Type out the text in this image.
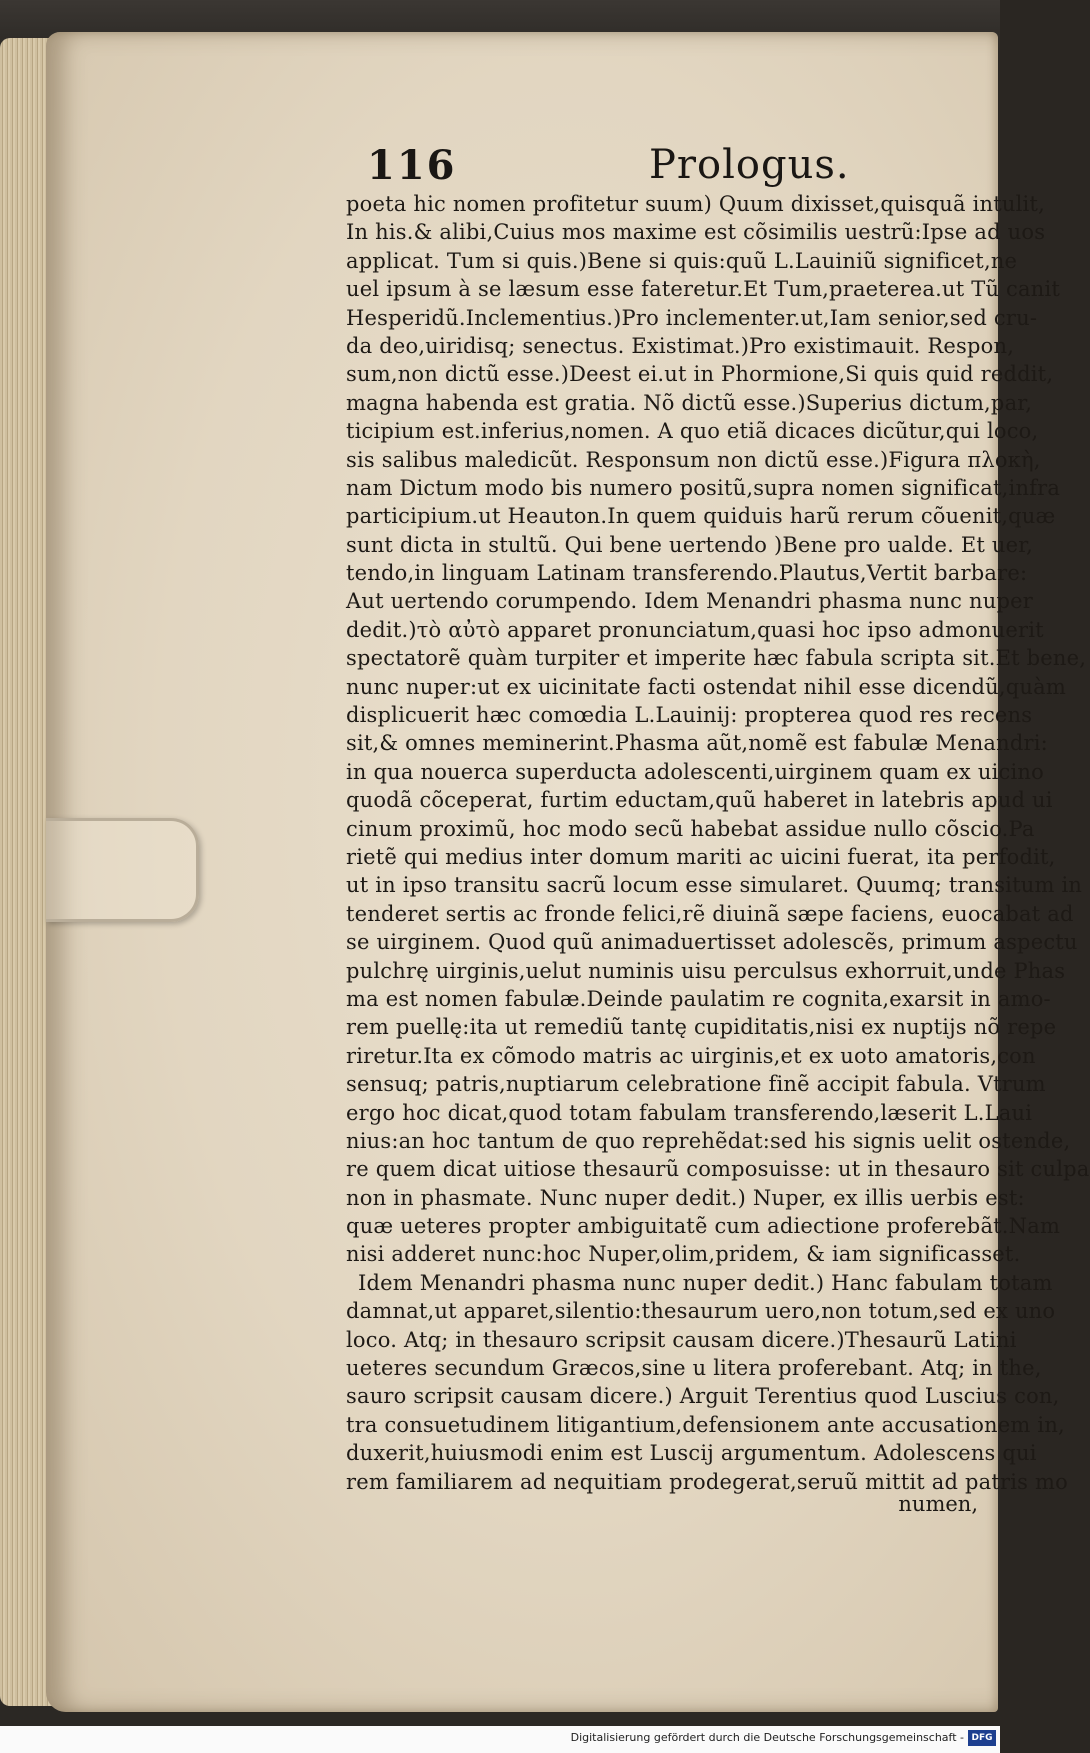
116	Prologus.
poeta hic nomen profitetur suum) Quum dixisset,quisquã intulit,
In his.& alibi,Cuius mos maxime est cõsimilis uestrũ:Ipse ad uos
applicat. Tum si quis.)Bene si quis:quũ L.Lauiniũ significet,ne
uel ipsum à se læsum esse fateretur.Et Tum,praeterea.ut Tũ canit
Hesperidũ.Inclementius.)Pro inclementer.ut,Iam senior,sed cru-
da deo,uiridisq; senectus. Existimat.)Pro existimauit. Respon,
sum,non dictũ esse.)Deest ei.ut in Phormione,Si quis quid reddit,
magna habenda est gratia. Nõ dictũ esse.)Superius dictum,par,
ticipium est.inferius,nomen. A quo etiã dicaces dicũtur,qui loco,
sis salibus maledicũt. Responsum non dictũ esse.)Figura πλοκὴ,
nam Dictum modo bis numero positũ,supra nomen significat,infra
participium.ut Heauton.In quem quiduis harũ rerum cõuenit,quæ
sunt dicta in stultũ. Qui bene uertendo )Bene pro ualde. Et uer,
tendo,in linguam Latinam transferendo.Plautus,Vertit barbare:
Aut uertendo corumpendo. Idem Menandri phasma nunc nuper
dedit.)τὸ αὐτὸ apparet pronunciatum,quasi hoc ipso admonuerit
spectatorẽ quàm turpiter et imperite hæc fabula scripta sit.Et bene,
nunc nuper:ut ex uicinitate facti ostendat nihil esse dicendũ,quàm
displicuerit hæc comœdia L.Lauinij: propterea quod res recens
sit,& omnes meminerint.Phasma aũt,nomẽ est fabulæ Menandri:
in qua nouerca superducta adolescenti,uirginem quam ex uicino
quodã cõceperat, furtim eductam,quũ haberet in latebris apud ui
cinum proximũ, hoc modo secũ habebat assidue nullo cõscio.Pa
rietẽ qui medius inter domum mariti ac uicini fuerat, ita perfodit,
ut in ipso transitu sacrũ locum esse simularet. Quumq; transitum in
tenderet sertis ac fronde felici,rẽ diuinã sæpe faciens, euocabat ad
se uirginem. Quod quũ animaduertisset adolescẽs, primum aspectu
pulchrę uirginis,uelut numinis uisu perculsus exhorruit,unde Phas
ma est nomen fabulæ.Deinde paulatim re cognita,exarsit in amo-
rem puellę:ita ut remediũ tantę cupiditatis,nisi ex nuptijs nõ repe
riretur.Ita ex cõmodo matris ac uirginis,et ex uoto amatoris,con
sensuq; patris,nuptiarum celebratione finẽ accipit fabula. Vtrum
ergo hoc dicat,quod totam fabulam transferendo,læserit L.Laui
nius:an hoc tantum de quo reprehẽdat:sed his signis uelit ostende,
re quem dicat uitiose thesaurũ composuisse: ut in thesauro sit culpa
non in phasmate. Nunc nuper dedit.) Nuper, ex illis uerbis est:
quæ ueteres propter ambiguitatẽ cum adiectione proferebãt.Nam
nisi adderet nunc:hoc Nuper,olim,pridem, & iam significasset.
Idem Menandri phasma nunc nuper dedit.) Hanc fabulam totam
damnat,ut apparet,silentio:thesaurum uero,non totum,sed ex uno
loco. Atq; in thesauro scripsit causam dicere.)Thesaurũ Latini
ueteres secundum Græcos,sine u litera proferebant. Atq; in the,
sauro scripsit causam dicere.) Arguit Terentius quod Luscius con,
tra consuetudinem litigantium,defensionem ante accusationem in,
duxerit,huiusmodi enim est Luscij argumentum. Adolescens qui
rem familiarem ad nequitiam prodegerat,seruũ mittit ad patris mo
numen,
Digitalisierung gefördert durch die Deutsche Forschungsgemeinschaft - DFG
